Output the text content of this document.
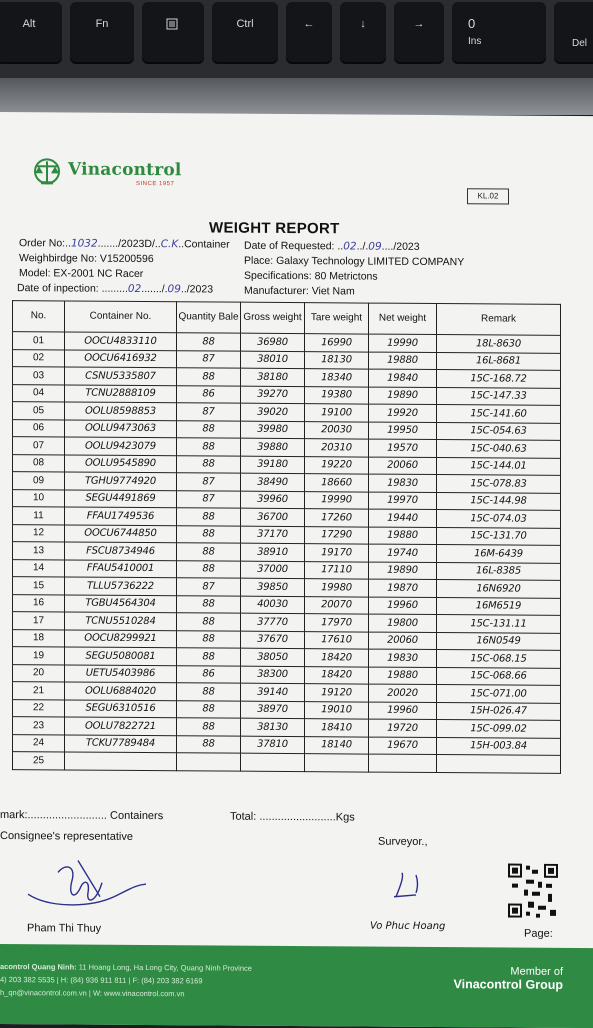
Alt	Fn	Ctrl	←	↓	→	0
Ins	Del
Vinacontrol
SINCE 1957
KL.02
WEIGHT REPORT
Order No:..1032......./2023D/..C.K..Container
Weighbirdge No: V15200596
Model: EX-2001 NC Racer
Date of inpection: .........02......./.09../2023
Date of Requested: ..02../.09..../2023
Place: Galaxy Technology LIMITED COMPANY
Specifications: 80 Metrictons
Manufacturer: Viet Nam
No.	Container No.	Quantity Bale	Gross weight	Tare weight	Net weight	Remark
01	OOCU4833110	88	36980	16990	19990	18L-8630
02	OOCU6416932	87	38010	18130	19880	16L-8681
03	CSNU5335807	88	38180	18340	19840	15C-168.72
04	TCNU2888109	86	39270	19380	19890	15C-147.33
05	OOLU8598853	87	39020	19100	19920	15C-141.60
06	OOLU9473063	88	39980	20030	19950	15C-054.63
07	OOLU9423079	88	39880	20310	19570	15C-040.63
08	OOLU9545890	88	39180	19220	20060	15C-144.01
09	TGHU9774920	87	38490	18660	19830	15C-078.83
10	SEGU4491869	87	39960	19990	19970	15C-144.98
11	FFAU1749536	88	36700	17260	19440	15C-074.03
12	OOCU6744850	88	37170	17290	19880	15C-131.70
13	FSCU8734946	88	38910	19170	19740	16M-6439
14	FFAU5410001	88	37000	17110	19890	16L-8385
15	TLLU5736222	87	39850	19980	19870	16N6920
16	TGBU4564304	88	40030	20070	19960	16M6519
17	TCNU5510284	88	37770	17970	19800	15C-131.11
18	OOCU8299921	88	37670	17610	20060	16N0549
19	SEGU5080081	88	38050	18420	19830	15C-068.15
20	UETU5403986	86	38300	18420	19880	15C-068.66
21	OOLU6884020	88	39140	19120	20020	15C-071.00
22	SEGU6310516	88	38970	19010	19960	15H-026.47
23	OOLU7822721	88	38130	18410	19720	15C-099.02
24	TCKU7789484	88	37810	18140	19670	15H-003.84
25						
mark:.......................... Containers	Total: .........................Kgs
Consignee's representative	Surveyor.,
Pham Thi Thuy	Vo Phuc Hoang
Page:
acontrol Quang Ninh: 11 Hoang Long, Ha Long City, Quang Ninh Province
4) 203 382 5535 | H: (84) 936 911 811 | F: (84) 203 382 6169
h_qn@vinacontrol.com.vn | W: www.vinacontrol.com.vn
Member of
Vinacontrol Group
